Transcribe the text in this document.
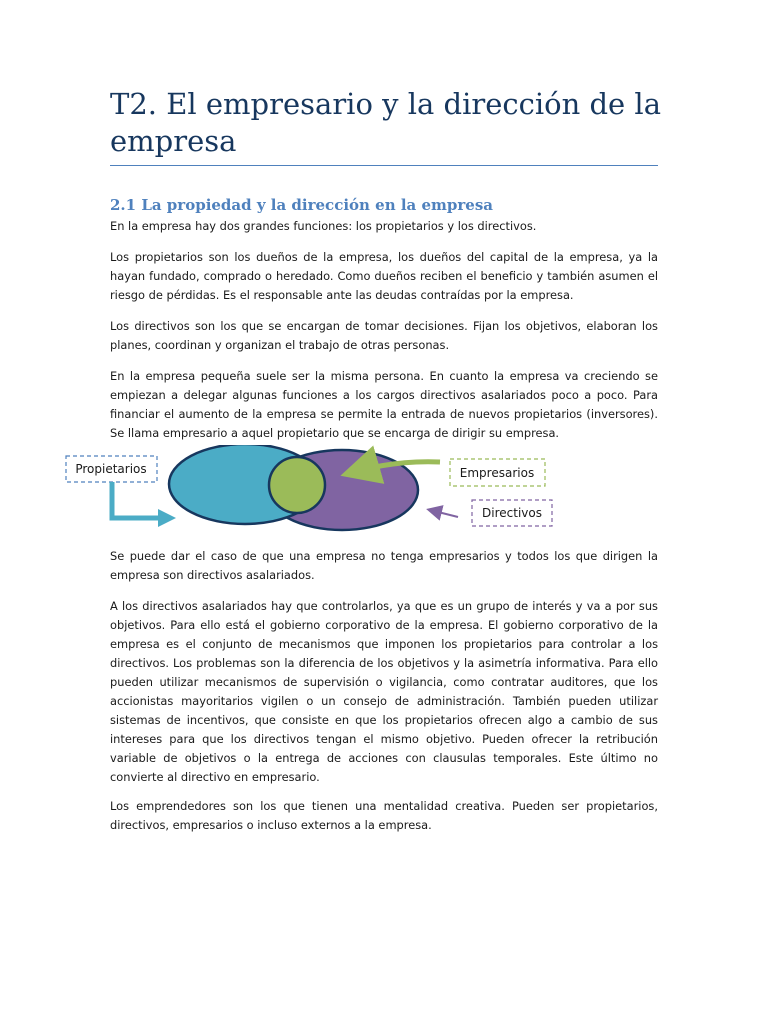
T2. El empresario y la dirección de la empresa
2.1 La propiedad y la dirección en la empresa

En la empresa hay dos grandes funciones: los propietarios y los directivos.

Los propietarios son los dueños de la empresa, los dueños del capital de la empresa, ya la hayan fundado, comprado o heredado. Como dueños reciben el beneficio y también asumen el riesgo de pérdidas. Es el responsable ante las deudas contraídas por la empresa.

Los directivos son los que se encargan de tomar decisiones. Fijan los objetivos, elaboran los planes, coordinan y organizan el trabajo de otras personas.

En la empresa pequeña suele ser la misma persona. En cuanto la empresa va creciendo se empiezan a delegar algunas funciones a los cargos directivos asalariados poco a poco. Para financiar el aumento de la empresa se permite la entrada de nuevos propietarios (inversores). Se llama empresario a aquel propietario que se encarga de dirigir su empresa.

Propietarios	Empresarios
Directivos

Se puede dar el caso de que una empresa no tenga empresarios y todos los que dirigen la empresa son directivos asalariados.

A los directivos asalariados hay que controlarlos, ya que es un grupo de interés y va a por sus objetivos. Para ello está el gobierno corporativo de la empresa. El gobierno corporativo de la empresa es el conjunto de mecanismos que imponen los propietarios para controlar a los directivos. Los problemas son la diferencia de los objetivos y la asimetría informativa. Para ello pueden utilizar mecanismos de supervisión o vigilancia, como contratar auditores, que los accionistas mayoritarios vigilen o un consejo de administración. También pueden utilizar sistemas de incentivos, que consiste en que los propietarios ofrecen algo a cambio de sus intereses para que los directivos tengan el mismo objetivo. Pueden ofrecer la retribución variable de objetivos o la entrega de acciones con clausulas temporales. Este último no convierte al directivo en empresario.

Los emprendedores son los que tienen una mentalidad creativa. Pueden ser propietarios, directivos, empresarios o incluso externos a la empresa.
